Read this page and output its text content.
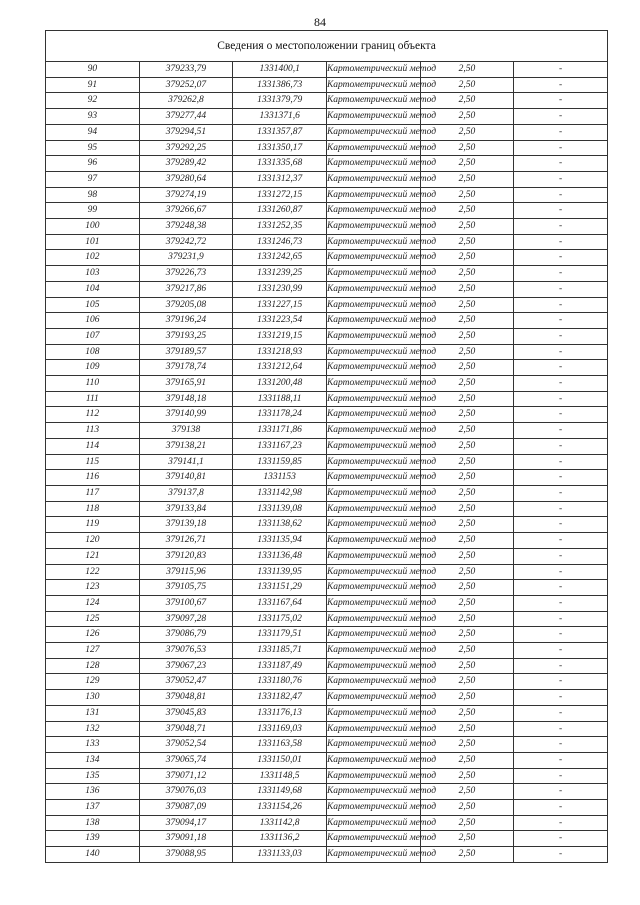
84
Сведения о местоположении границ объекта					
90	379233,79	1331400,1	Картометрический метод	2,50	-
91	379252,07	1331386,73	Картометрический метод	2,50	-
92	379262,8	1331379,79	Картометрический метод	2,50	-
93	379277,44	1331371,6	Картометрический метод	2,50	-
94	379294,51	1331357,87	Картометрический метод	2,50	-
95	379292,25	1331350,17	Картометрический метод	2,50	-
96	379289,42	1331335,68	Картометрический метод	2,50	-
97	379280,64	1331312,37	Картометрический метод	2,50	-
98	379274,19	1331272,15	Картометрический метод	2,50	-
99	379266,67	1331260,87	Картометрический метод	2,50	-
100	379248,38	1331252,35	Картометрический метод	2,50	-
101	379242,72	1331246,73	Картометрический метод	2,50	-
102	379231,9	1331242,65	Картометрический метод	2,50	-
103	379226,73	1331239,25	Картометрический метод	2,50	-
104	379217,86	1331230,99	Картометрический метод	2,50	-
105	379205,08	1331227,15	Картометрический метод	2,50	-
106	379196,24	1331223,54	Картометрический метод	2,50	-
107	379193,25	1331219,15	Картометрический метод	2,50	-
108	379189,57	1331218,93	Картометрический метод	2,50	-
109	379178,74	1331212,64	Картометрический метод	2,50	-
110	379165,91	1331200,48	Картометрический метод	2,50	-
111	379148,18	1331188,11	Картометрический метод	2,50	-
112	379140,99	1331178,24	Картометрический метод	2,50	-
113	379138	1331171,86	Картометрический метод	2,50	-
114	379138,21	1331167,23	Картометрический метод	2,50	-
115	379141,1	1331159,85	Картометрический метод	2,50	-
116	379140,81	1331153	Картометрический метод	2,50	-
117	379137,8	1331142,98	Картометрический метод	2,50	-
118	379133,84	1331139,08	Картометрический метод	2,50	-
119	379139,18	1331138,62	Картометрический метод	2,50	-
120	379126,71	1331135,94	Картометрический метод	2,50	-
121	379120,83	1331136,48	Картометрический метод	2,50	-
122	379115,96	1331139,95	Картометрический метод	2,50	-
123	379105,75	1331151,29	Картометрический метод	2,50	-
124	379100,67	1331167,64	Картометрический метод	2,50	-
125	379097,28	1331175,02	Картометрический метод	2,50	-
126	379086,79	1331179,51	Картометрический метод	2,50	-
127	379076,53	1331185,71	Картометрический метод	2,50	-
128	379067,23	1331187,49	Картометрический метод	2,50	-
129	379052,47	1331180,76	Картометрический метод	2,50	-
130	379048,81	1331182,47	Картометрический метод	2,50	-
131	379045,83	1331176,13	Картометрический метод	2,50	-
132	379048,71	1331169,03	Картометрический метод	2,50	-
133	379052,54	1331163,58	Картометрический метод	2,50	-
134	379065,74	1331150,01	Картометрический метод	2,50	-
135	379071,12	1331148,5	Картометрический метод	2,50	-
136	379076,03	1331149,68	Картометрический метод	2,50	-
137	379087,09	1331154,26	Картометрический метод	2,50	-
138	379094,17	1331142,8	Картометрический метод	2,50	-
139	379091,18	1331136,2	Картометрический метод	2,50	-
140	379088,95	1331133,03	Картометрический метод	2,50	-
